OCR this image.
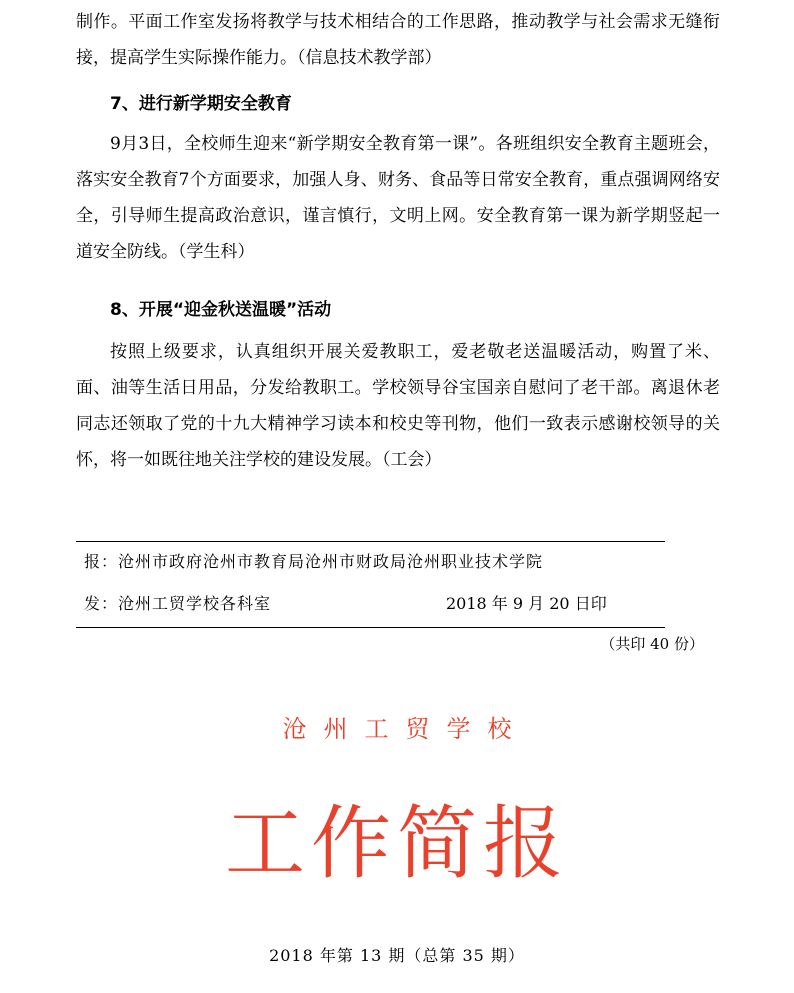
制作。平面工作室发扬将教学与技术相结合的工作思路，推动教学与社会需求无缝衔接，提高学生实际操作能力。（信息技术教学部）

7、进行新学期安全教育

9月3日，全校师生迎来“新学期安全教育第一课”。各班组织安全教育主题班会，落实安全教育7个方面要求，加强人身、财务、食品等日常安全教育，重点强调网络安全，引导师生提高政治意识，谨言慎行，文明上网。安全教育第一课为新学期竖起一道安全防线。（学生科）

8、开展“迎金秋送温暖”活动

按照上级要求，认真组织开展关爱教职工，爱老敬老送温暖活动，购置了米、面、油等生活日用品，分发给教职工。学校领导谷宝国亲自慰问了老干部。离退休老同志还领取了党的十九大精神学习读本和校史等刊物，他们一致表示感谢校领导的关怀，将一如既往地关注学校的建设发展。（工会）

报：沧州市政府沧州市教育局沧州市财政局沧州职业技术学院
发：沧州工贸学校各科室	2018 年 9 月 20 日印
（共印 40 份）
沧州工贸学校
工作简报
2018 年第 13 期（总第 35 期）
